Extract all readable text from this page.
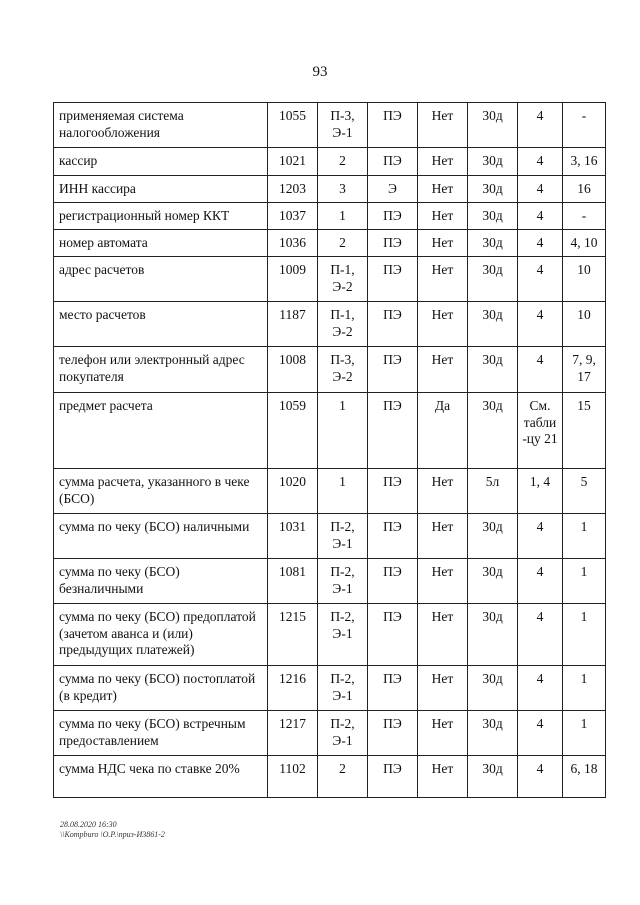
93
применяемая система налогообложения	1055	П-3, Э-1	ПЭ	Нет	30д	4	-
кассир	1021	2	ПЭ	Нет	30д	4	3, 16
ИНН кассира	1203	3	Э	Нет	30д	4	16
регистрационный номер ККТ	1037	1	ПЭ	Нет	30д	4	-
номер автомата	1036	2	ПЭ	Нет	30д	4	4, 10
адрес расчетов	1009	П-1, Э-2	ПЭ	Нет	30д	4	10
место расчетов	1187	П-1, Э-2	ПЭ	Нет	30д	4	10
телефон или электронный адрес покупателя	1008	П-3, Э-2	ПЭ	Нет	30д	4	7, 9, 17
предмет расчета	1059	1	ПЭ	Да	30д	См. табли -цу 21	15
сумма расчета, указанного в чеке (БСО)	1020	1	ПЭ	Нет	5л	1, 4	5
сумма по чеку (БСО) наличными	1031	П-2, Э-1	ПЭ	Нет	30д	4	1
сумма по чеку (БСО) безналичными	1081	П-2, Э-1	ПЭ	Нет	30д	4	1
сумма по чеку (БСО) предоплатой (зачетом аванса и (или) предыдущих платежей)	1215	П-2, Э-1	ПЭ	Нет	30д	4	1
сумма по чеку (БСО) постоплатой (в кредит)	1216	П-2, Э-1	ПЭ	Нет	30д	4	1
сумма по чеку (БСО) встречным предоставлением	1217	П-2, Э-1	ПЭ	Нет	30д	4	1
сумма НДС чека по ставке 20%	1102	2	ПЭ	Нет	30д	4	6, 18
28.08.2020 16:30
\\Kompburo \О.Р.\приз-И3861-2
